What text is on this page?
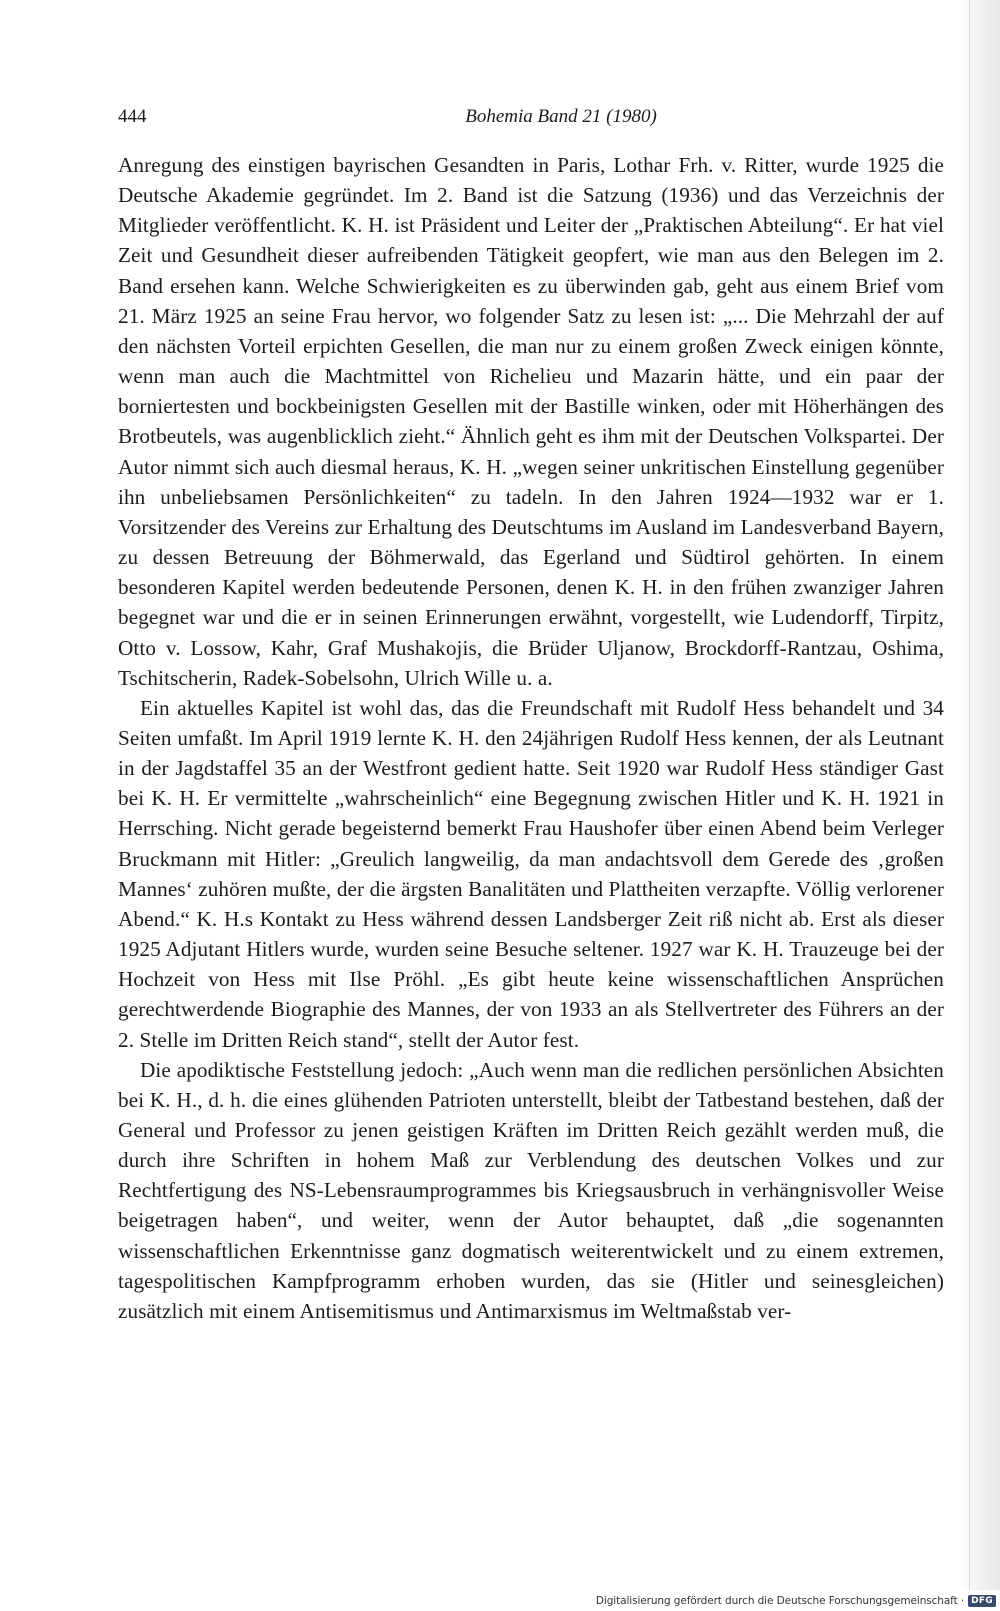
444	Bohemia Band 21 (1980)

Anregung des einstigen bayrischen Gesandten in Paris, Lothar Frh. v. Ritter, wurde 1925 die Deutsche Akademie gegründet. Im 2. Band ist die Satzung (1936) und das Verzeichnis der Mitglieder veröffentlicht. K. H. ist Präsident und Leiter der „Praktischen Abteilung“. Er hat viel Zeit und Gesundheit dieser aufreibenden Tätigkeit geopfert, wie man aus den Belegen im 2. Band ersehen kann. Welche Schwierigkeiten es zu überwinden gab, geht aus einem Brief vom 21. März 1925 an seine Frau hervor, wo folgender Satz zu lesen ist: „... Die Mehrzahl der auf den nächsten Vorteil erpichten Gesellen, die man nur zu einem großen Zweck einigen könnte, wenn man auch die Machtmittel von Richelieu und Mazarin hätte, und ein paar der borniertesten und bockbeinigsten Gesellen mit der Bastille winken, oder mit Höherhängen des Brotbeutels, was augenblicklich zieht.“ Ähnlich geht es ihm mit der Deutschen Volkspartei. Der Autor nimmt sich auch diesmal heraus, K. H. „wegen seiner unkritischen Einstellung gegenüber ihn unbeliebsamen Persönlichkeiten“ zu tadeln. In den Jahren 1924—1932 war er 1. Vorsitzender des Vereins zur Erhaltung des Deutschtums im Ausland im Landesverband Bayern, zu dessen Betreuung der Böhmerwald, das Egerland und Südtirol gehörten. In einem besonderen Kapitel werden bedeutende Personen, denen K. H. in den frühen zwanziger Jahren begegnet war und die er in seinen Erinnerungen erwähnt, vorgestellt, wie Ludendorff, Tirpitz, Otto v. Lossow, Kahr, Graf Mushakojis, die Brüder Uljanow, Brockdorff-Rantzau, Oshima, Tschitscherin, Radek-Sobelsohn, Ulrich Wille u. a.

Ein aktuelles Kapitel ist wohl das, das die Freundschaft mit Rudolf Hess behandelt und 34 Seiten umfaßt. Im April 1919 lernte K. H. den 24jährigen Rudolf Hess kennen, der als Leutnant in der Jagdstaffel 35 an der Westfront gedient hatte. Seit 1920 war Rudolf Hess ständiger Gast bei K. H. Er vermittelte „wahrscheinlich“ eine Begegnung zwischen Hitler und K. H. 1921 in Herrsching. Nicht gerade begeisternd bemerkt Frau Haushofer über einen Abend beim Verleger Bruckmann mit Hitler: „Greulich langweilig, da man andachtsvoll dem Gerede des ‚großen Mannes‘ zuhören mußte, der die ärgsten Banalitäten und Plattheiten verzapfte. Völlig verlorener Abend.“ K. H.s Kontakt zu Hess während dessen Landsberger Zeit riß nicht ab. Erst als dieser 1925 Adjutant Hitlers wurde, wurden seine Besuche seltener. 1927 war K. H. Trauzeuge bei der Hochzeit von Hess mit Ilse Pröhl. „Es gibt heute keine wissenschaftlichen Ansprüchen gerechtwerdende Biographie des Mannes, der von 1933 an als Stellvertreter des Führers an der 2. Stelle im Dritten Reich stand“, stellt der Autor fest.

Die apodiktische Feststellung jedoch: „Auch wenn man die redlichen persönlichen Absichten bei K. H., d. h. die eines glühenden Patrioten unterstellt, bleibt der Tatbestand bestehen, daß der General und Professor zu jenen geistigen Kräften im Dritten Reich gezählt werden muß, die durch ihre Schriften in hohem Maß zur Verblendung des deutschen Volkes und zur Rechtfertigung des NS-Lebensraumprogrammes bis Kriegsausbruch in verhängnisvoller Weise beigetragen haben“, und weiter, wenn der Autor behauptet, daß „die sogenannten wissenschaftlichen Erkenntnisse ganz dogmatisch weiterentwickelt und zu einem extremen, tagespolitischen Kampfprogramm erhoben wurden, das sie (Hitler und seinesgleichen) zusätzlich mit einem Antisemitismus und Antimarxismus im Weltmaßstab ver-

Digitalisierung gefördert durch die Deutsche Forschungsgemeinschaft · DFG
